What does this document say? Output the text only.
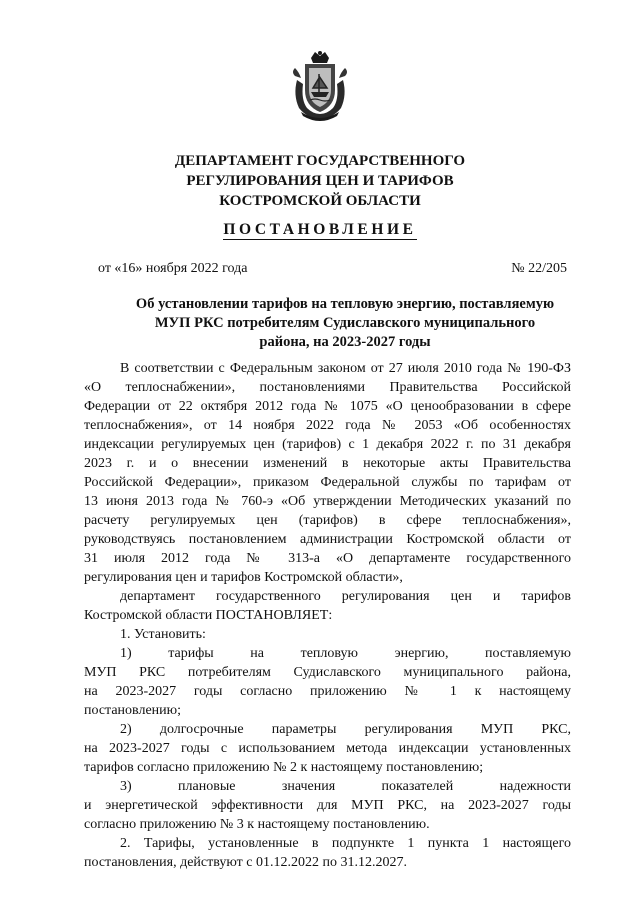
ДЕПАРТАМЕНТ ГОСУДАРСТВЕННОГО
РЕГУЛИРОВАНИЯ ЦЕН И ТАРИФОВ
КОСТРОМСКОЙ ОБЛАСТИ
ПОСТАНОВЛЕНИЕ
от «16» ноября 2022 года	№ 22/205
Об установлении тарифов на тепловую энергию, поставляемую
МУП РКС потребителям Судиславского муниципального
района, на 2023-2027 годы
В соответствии с Федеральным законом от 27 июля 2010 года № 190-ФЗ
«О теплоснабжении», постановлениями Правительства Российской
Федерации от 22 октября 2012 года № 1075 «О ценообразовании в сфере
теплоснабжения», от 14 ноября 2022 года № 2053 «Об особенностях
индексации регулируемых цен (тарифов) с 1 декабря 2022 г. по 31 декабря
2023 г. и о внесении изменений в некоторые акты Правительства
Российской Федерации», приказом Федеральной службы по тарифам от
13 июня 2013 года № 760-э «Об утверждении Методических указаний по
расчету регулируемых цен (тарифов) в сфере теплоснабжения»,
руководствуясь постановлением администрации Костромской области от
31 июля 2012 года № 313-а «О департаменте государственного
регулирования цен и тарифов Костромской области»,
департамент государственного регулирования цен и тарифов
Костромской области ПОСТАНОВЛЯЕТ:
1. Установить:
1) тарифы на тепловую энергию, поставляемую
МУП РКС потребителям Судиславского муниципального района,
на 2023-2027 годы согласно приложению № 1 к настоящему
постановлению;
2) долгосрочные параметры регулирования МУП РКС,
на 2023-2027 годы с использованием метода индексации установленных
тарифов согласно приложению № 2 к настоящему постановлению;
3) плановые значения показателей надежности
и энергетической эффективности для МУП РКС, на 2023-2027 годы
согласно приложению № 3 к настоящему постановлению.
2. Тарифы, установленные в подпункте 1 пункта 1 настоящего
постановления, действуют с 01.12.2022 по 31.12.2027.
